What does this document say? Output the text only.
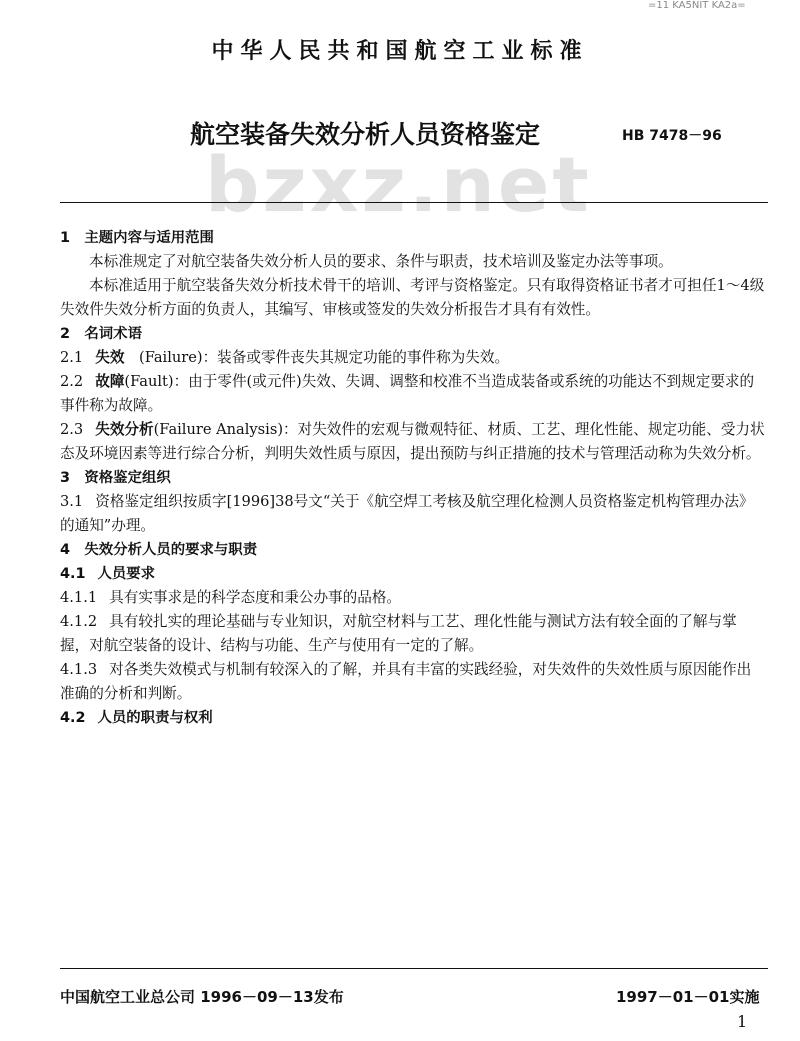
=11 KA5NIT KA2a=
中华人民共和国航空工业标准
bzxz.net
航空装备失效分析人员资格鉴定	HB 7478－96

1　主题内容与适用范围

本标准规定了对航空装备失效分析人员的要求、条件与职责，技术培训及鉴定办法等事项。

本标准适用于航空装备失效分析技术骨干的培训、考评与资格鉴定。只有取得资格证书者才可担任1～4级失效件失效分析方面的负责人，其编写、审核或签发的失效分析报告才具有有效性。

2　名词术语

2.1 失效　(Failure)：装备或零件丧失其规定功能的事件称为失效。

2.2 故障(Fault)：由于零件(或元件)失效、失调、调整和校准不当造成装备或系统的功能达不到规定要求的事件称为故障。

2.3 失效分析(Failure Analysis)：对失效件的宏观与微观特征、材质、工艺、理化性能、规定功能、受力状态及环境因素等进行综合分析，判明失效性质与原因，提出预防与纠正措施的技术与管理活动称为失效分析。

3　资格鉴定组织

3.1 资格鉴定组织按质字[1996]38号文“关于《航空焊工考核及航空理化检测人员资格鉴定机构管理办法》的通知”办理。

4　失效分析人员的要求与职责

4.1 人员要求

4.1.1 具有实事求是的科学态度和秉公办事的品格。

4.1.2 具有较扎实的理论基础与专业知识，对航空材料与工艺、理化性能与测试方法有较全面的了解与掌握，对航空装备的设计、结构与功能、生产与使用有一定的了解。

4.1.3 对各类失效模式与机制有较深入的了解，并具有丰富的实践经验，对失效件的失效性质与原因能作出准确的分析和判断。

4.2 人员的职责与权利

中国航空工业总公司 1996－09－13发布	1997－01－01实施
1
